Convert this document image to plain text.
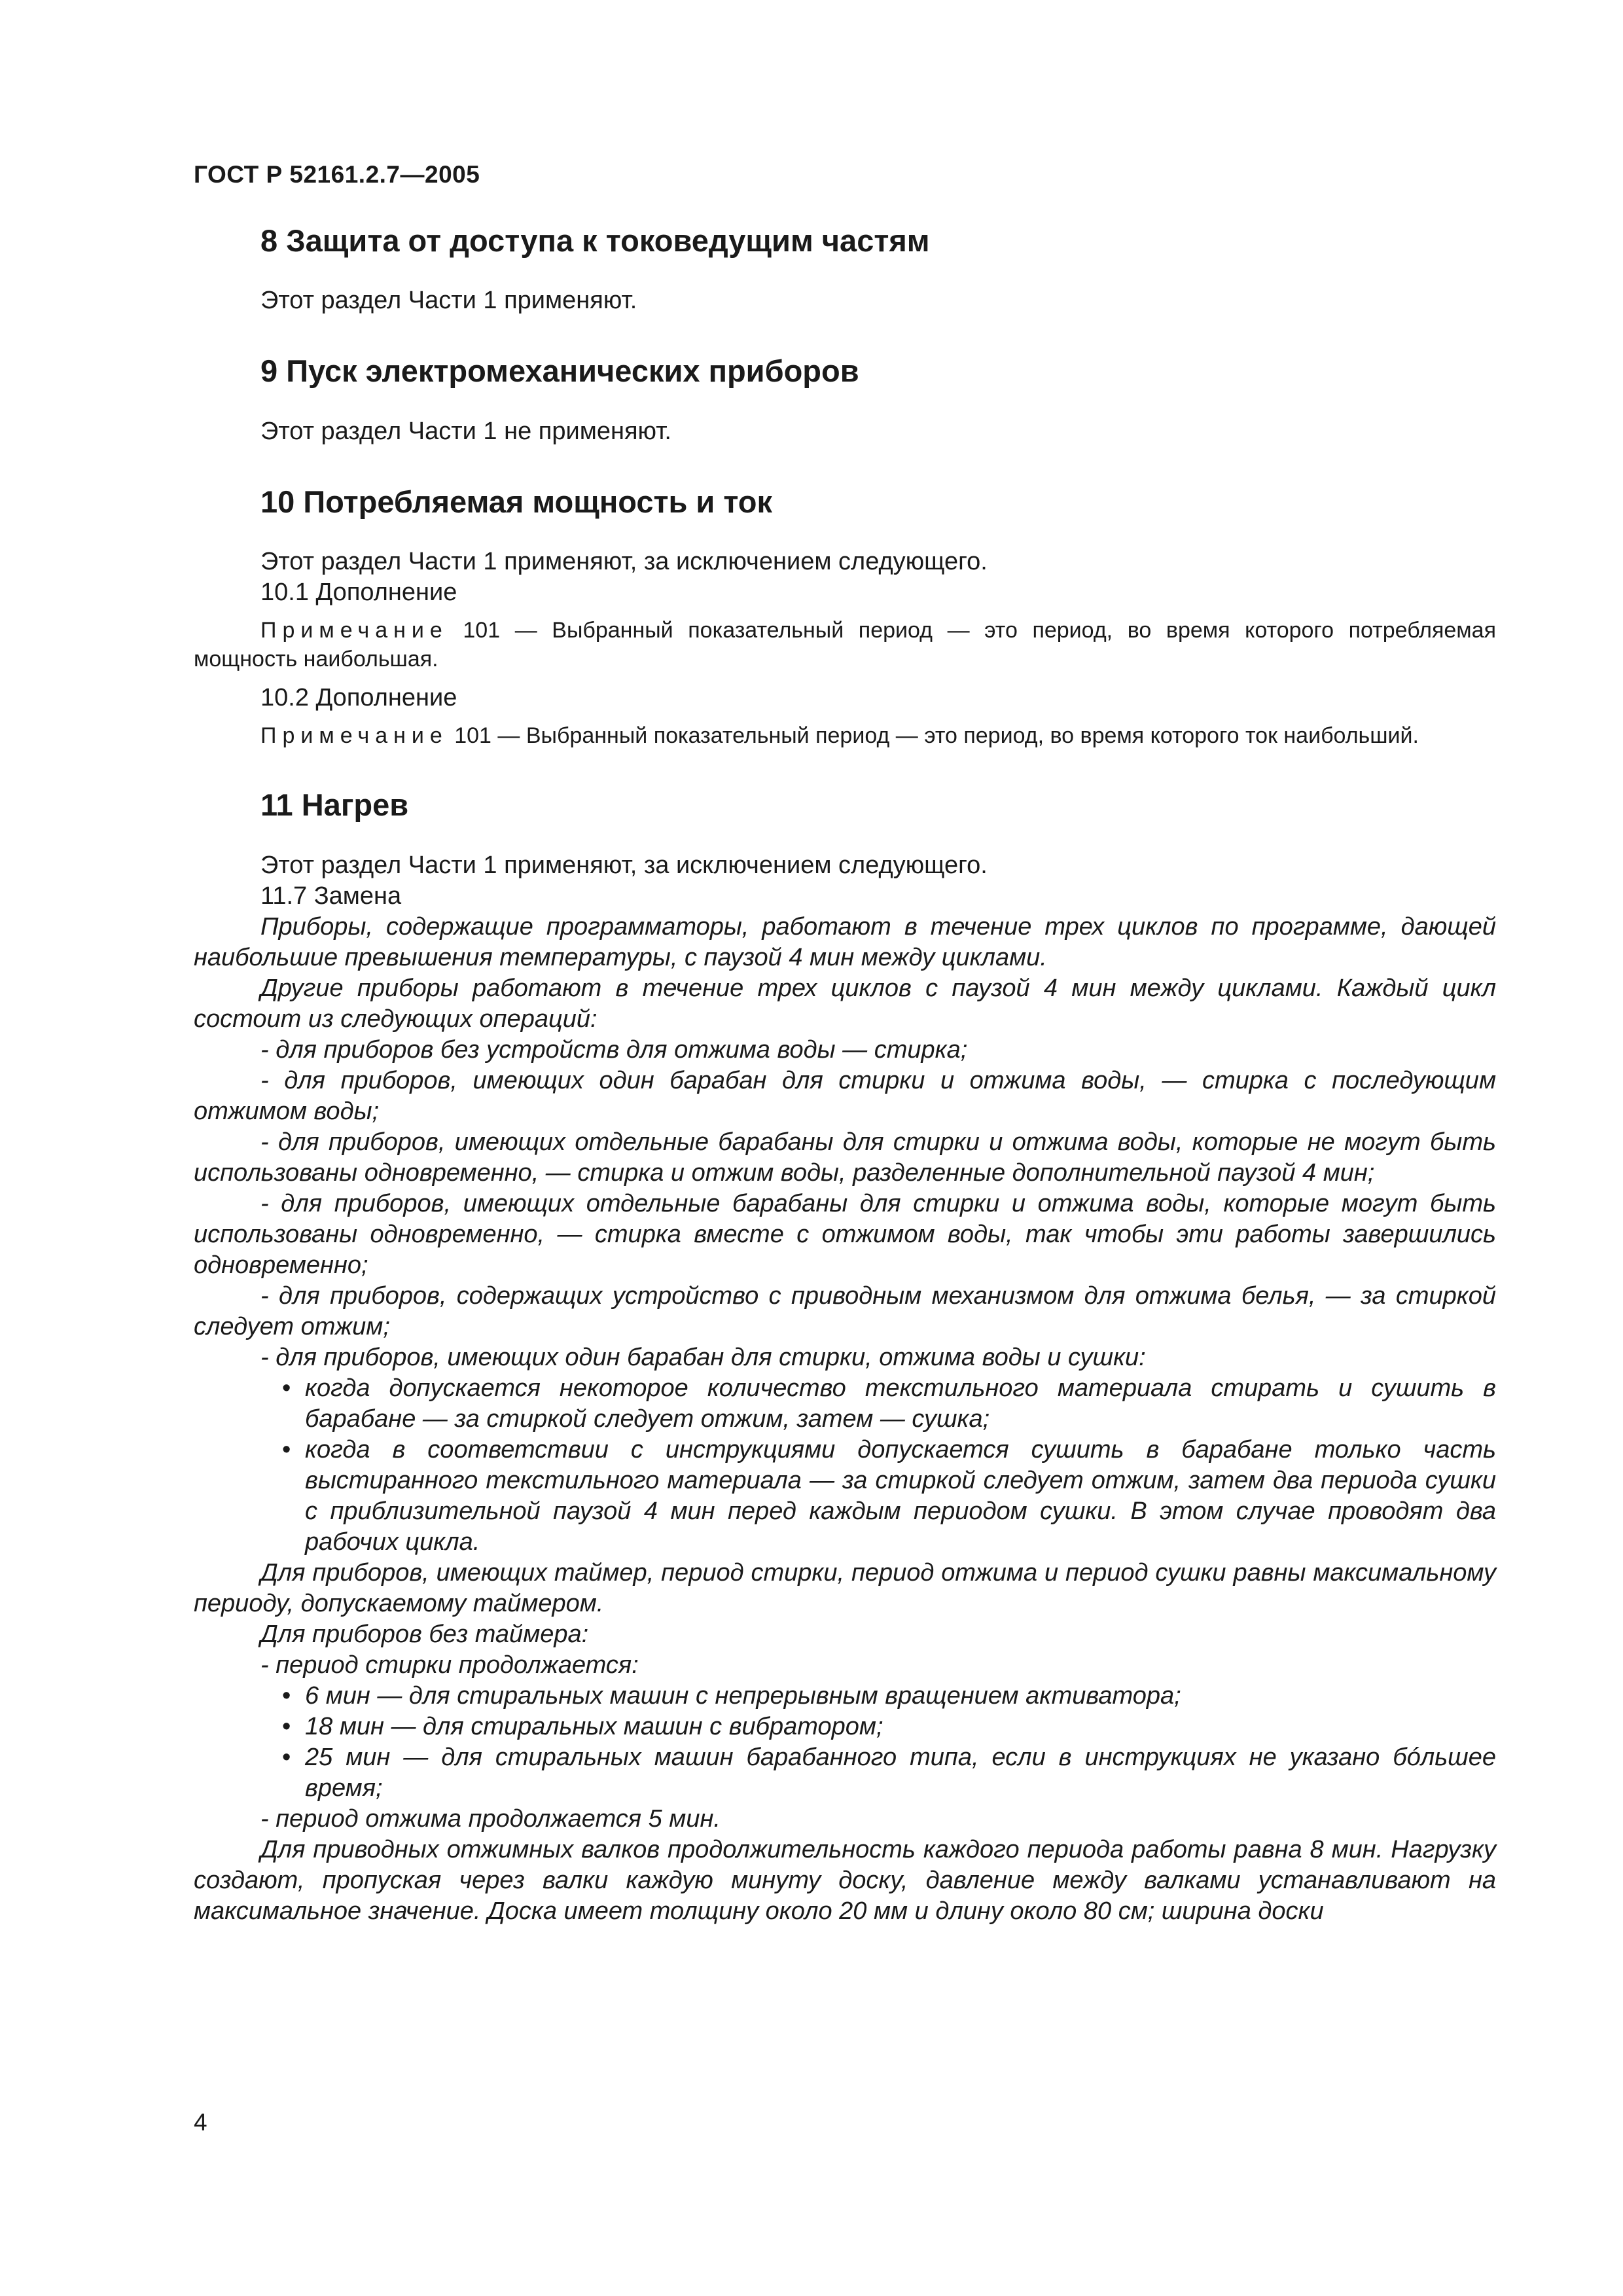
ГОСТ Р 52161.2.7—2005
8 Защита от доступа к токоведущим частям

Этот раздел Части 1 применяют.

9 Пуск электромеханических приборов

Этот раздел Части 1 не применяют.

10 Потребляемая мощность и ток

Этот раздел Части 1 применяют, за исключением следующего.

10.1 Дополнение

Примечание 101 — Выбранный показательный период — это период, во время которого потребляемая мощность наибольшая.

10.2 Дополнение

Примечание 101 — Выбранный показательный период — это период, во время которого ток наибольший.

11 Нагрев

Этот раздел Части 1 применяют, за исключением следующего.

11.7 Замена

Приборы, содержащие программаторы, работают в течение трех циклов по программе, дающей наибольшие превышения температуры, с паузой 4 мин между циклами.

Другие приборы работают в течение трех циклов с паузой 4 мин между циклами. Каждый цикл состоит из следующих операций:

- для приборов без устройств для отжима воды — стирка;

- для приборов, имеющих один барабан для стирки и отжима воды, — стирка с последующим отжимом воды;

- для приборов, имеющих отдельные барабаны для стирки и отжима воды, которые не могут быть использованы одновременно, — стирка и отжим воды, разделенные дополнительной паузой 4 мин;

- для приборов, имеющих отдельные барабаны для стирки и отжима воды, которые могут быть использованы одновременно, — стирка вместе с отжимом воды, так чтобы эти работы завершились одновременно;

- для приборов, содержащих устройство с приводным механизмом для отжима белья, — за стиркой следует отжим;

- для приборов, имеющих один барабан для стирки, отжима воды и сушки:

• когда допускается некоторое количество текстильного материала стирать и сушить в барабане — за стиркой следует отжим, затем — сушка;

• когда в соответствии с инструкциями допускается сушить в барабане только часть выстиранного текстильного материала — за стиркой следует отжим, затем два периода сушки с приблизительной паузой 4 мин перед каждым периодом сушки. В этом случае проводят два рабочих цикла.

Для приборов, имеющих таймер, период стирки, период отжима и период сушки равны максимальному периоду, допускаемому таймером.

Для приборов без таймера:

- период стирки продолжается:

• 6 мин — для стиральных машин с непрерывным вращением активатора;

• 18 мин — для стиральных машин с вибратором;

• 25 мин — для стиральных машин барабанного типа, если в инструкциях не указано бóльшее время;

- период отжима продолжается 5 мин.

Для приводных отжимных валков продолжительность каждого периода работы равна 8 мин. Нагрузку создают, пропуская через валки каждую минуту доску, давление между валками устанавливают на максимальное значение. Доска имеет толщину около 20 мм и длину около 80 см; ширина доски

4
